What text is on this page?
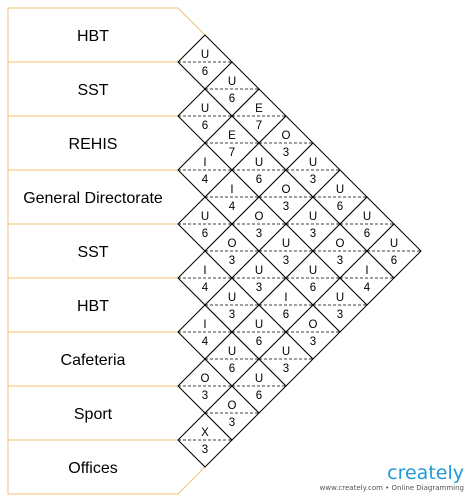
HBT
SST
REHIS
General Directorate
SST
HBT
Cafeteria
Sport
Offices
U
6
U
6
I
4
U
6
I
4
I
4
O
3
X
3
U
6
E
7
I
4
O
3
U
3
U
6
O
3
E
7
U
6
O
3
U
3
U
6
U
6
O
3
O
3
U
3
I
6
U
3
U
3
U
3
U
6
O
3
U
6
O
3
U
3
U
6
I
4
U
6
creately
www.creately.com • Online Diagramming
